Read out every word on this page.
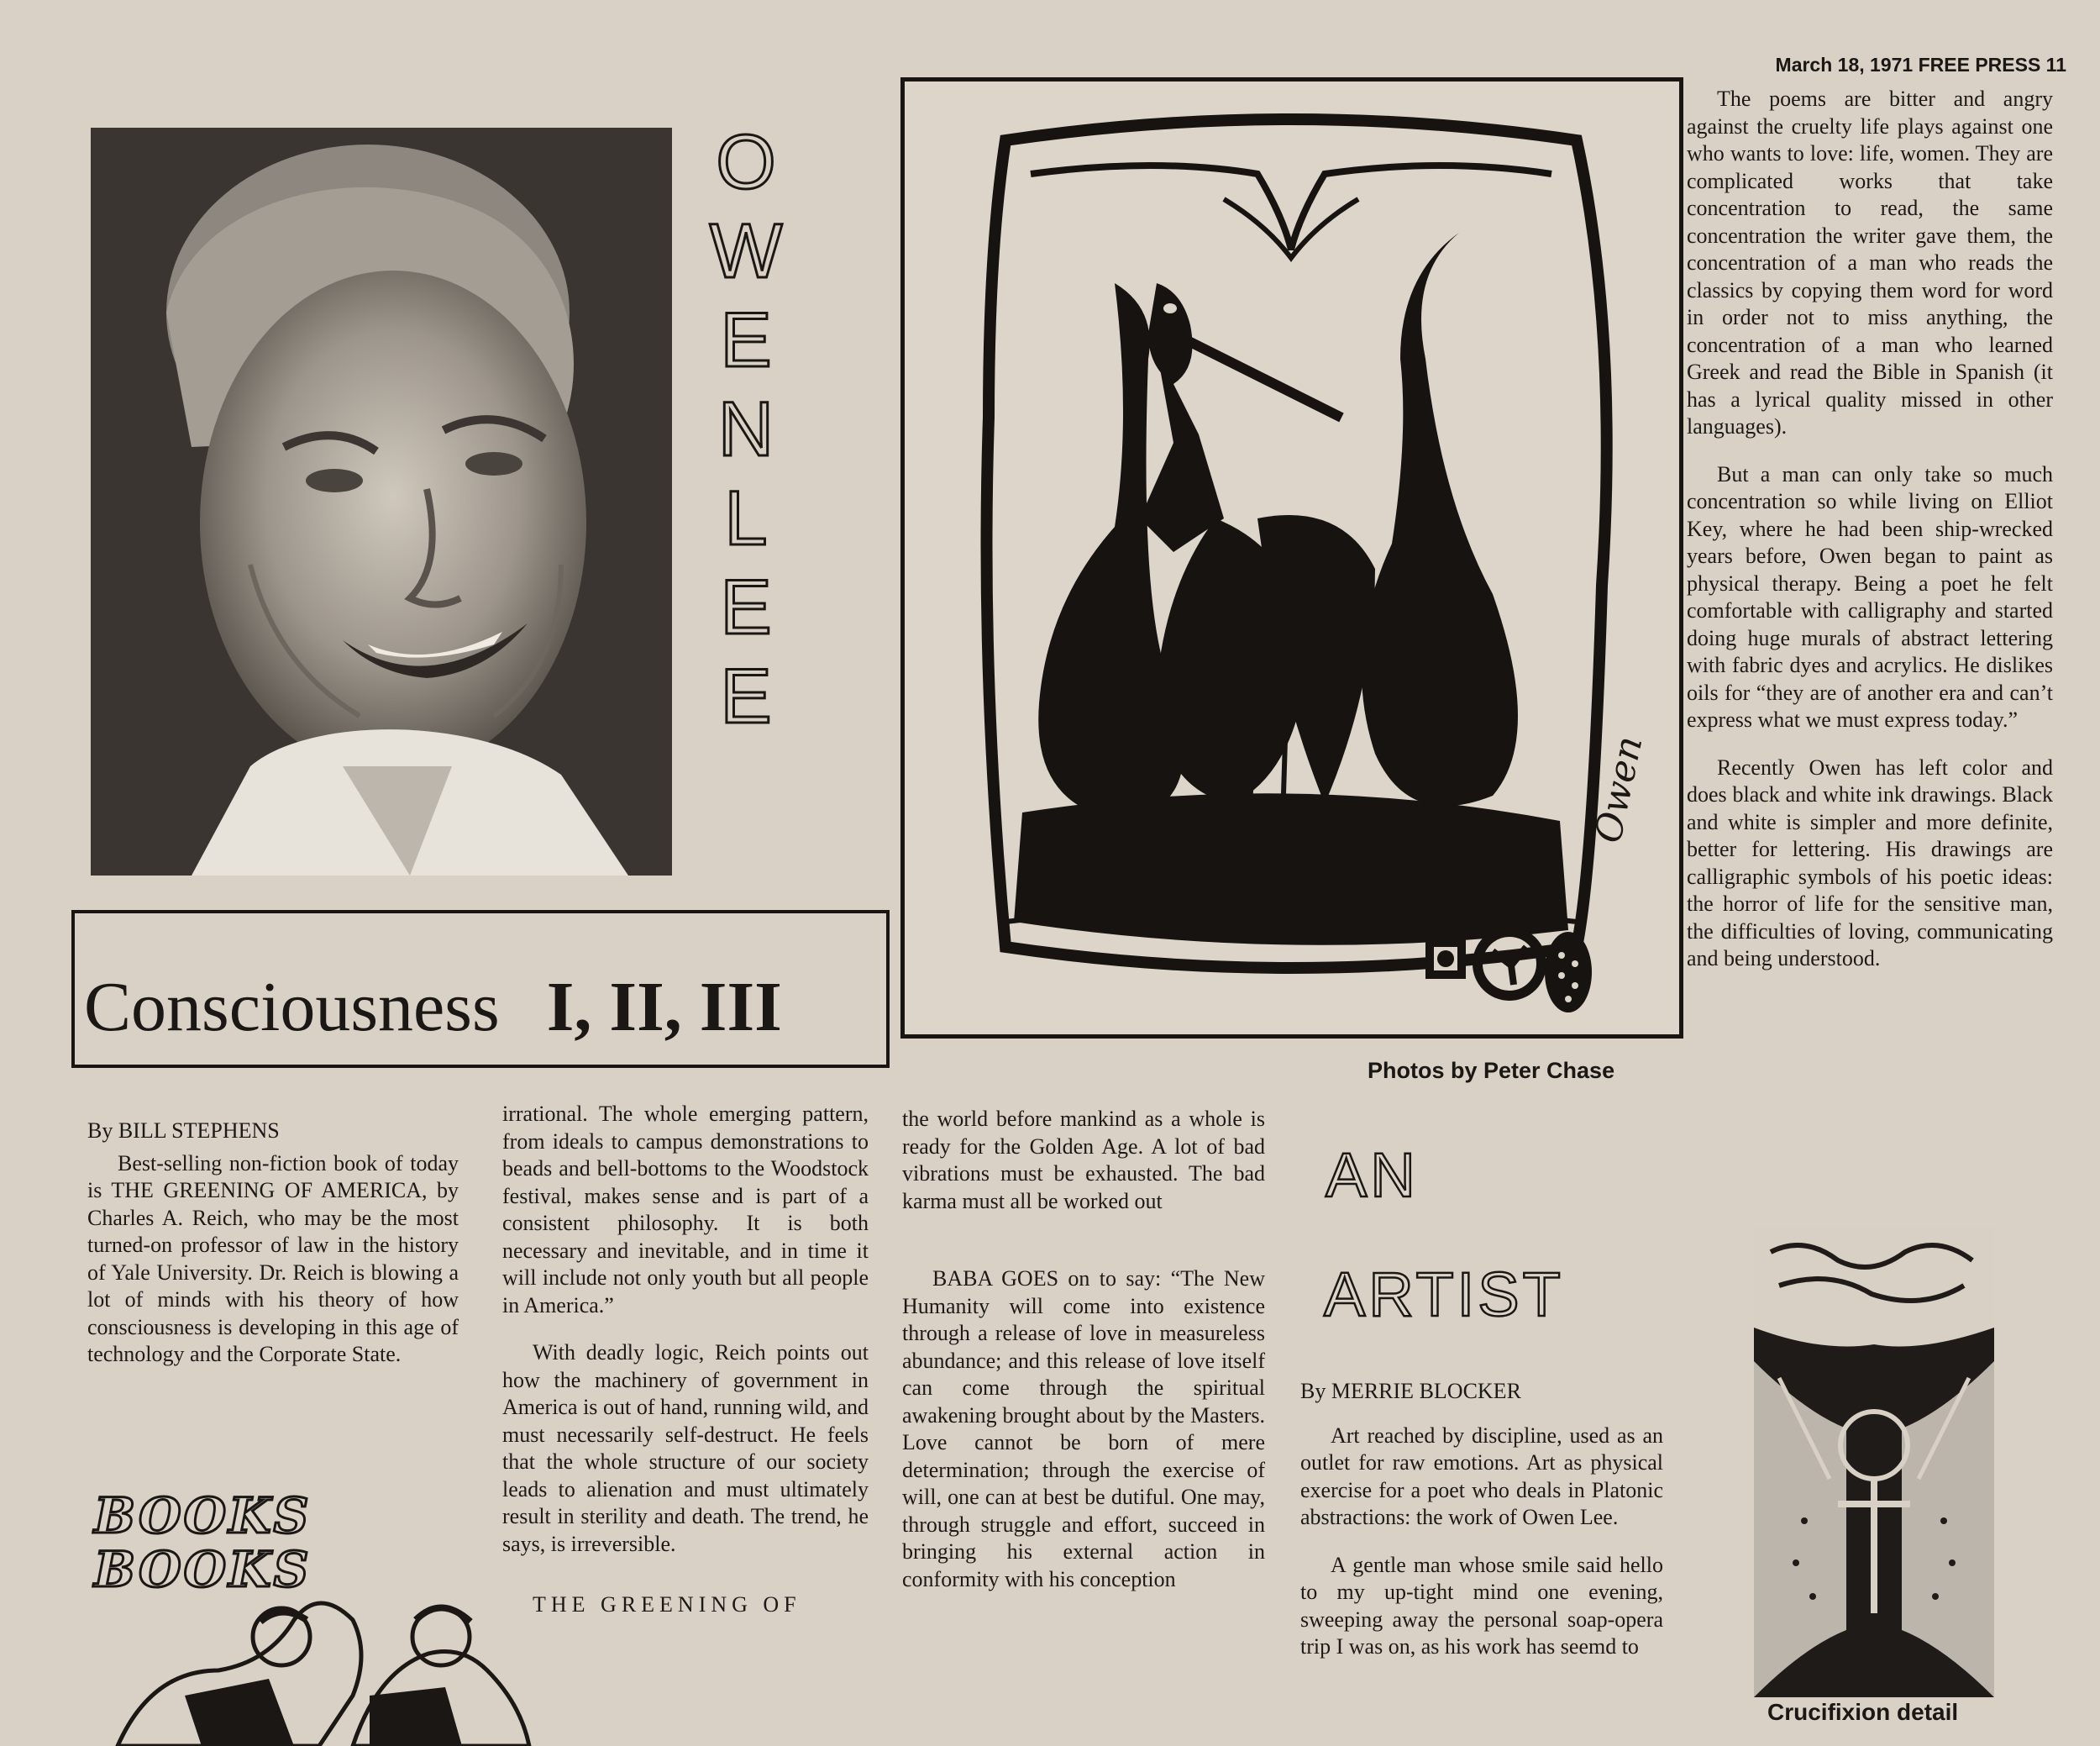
March 18, 1971 FREE PRESS 11
O
W
E
N
L
E
E
Owen
Photos by Peter Chase

The poems are bitter and angry against the cruelty life plays against one who wants to love: life, women. They are complicated works that take concentration to read, the same concentration the writer gave them, the concentration of a man who reads the classics by copying them word for word in order not to miss anything, the concentration of a man who learned Greek and read the Bible in Spanish (it has a lyrical quality missed in other languages).

But a man can only take so much concentration so while living on Elliot Key, where he had been ship-wrecked years before, Owen began to paint as physical therapy. Being a poet he felt comfortable with calligraphy and started doing huge murals of abstract lettering with fabric dyes and acrylics. He dislikes oils for “they are of another era and can’t express what we must express today.”

Recently Owen has left color and does black and white ink drawings. Black and white is simpler and more definite, better for lettering. His drawings are calligraphic symbols of his poetic ideas: the horror of life for the sensitive man, the difficulties of loving, communicating and being understood.

Consciousness I, II, III

By BILL STEPHENS

Best-selling non-fiction book of today is THE GREENING OF AMERICA, by Charles A. Reich, who may be the most turned-on professor of law in the history of Yale University. Dr. Reich is blowing a lot of minds with his theory of how consciousness is developing in this age of technology and the Corporate State.

BOOKS
BOOKS

irrational. The whole emerging pattern, from ideals to campus demonstrations to beads and bell-bottoms to the Woodstock festival, makes sense and is part of a consistent philosophy. It is both necessary and inevitable, and in time it will include not only youth but all people in America.”

With deadly logic, Reich points out how the machinery of government in America is out of hand, running wild, and must necessarily self-destruct. He feels that the whole structure of our society leads to alienation and must ultimately result in sterility and death. The trend, he says, is irreversible.

THE GREENING OF

the world before mankind as a whole is ready for the Golden Age. A lot of bad vibrations must be exhausted. The bad karma must all be worked out

BABA GOES on to say: “The New Humanity will come into existence through a release of love in measureless abundance; and this release of love itself can come through the spiritual awakening brought about by the Masters. Love cannot be born of mere determination; through the exercise of will, one can at best be dutiful. One may, through struggle and effort, succeed in bringing his external action in conformity with his conception

AN
ARTIST

By MERRIE BLOCKER

Art reached by discipline, used as an outlet for raw emotions. Art as physical exercise for a poet who deals in Platonic abstractions: the work of Owen Lee.

A gentle man whose smile said hello to my up-tight mind one evening, sweeping away the personal soap-opera trip I was on, as his work has seemd to

Crucifixion detail
